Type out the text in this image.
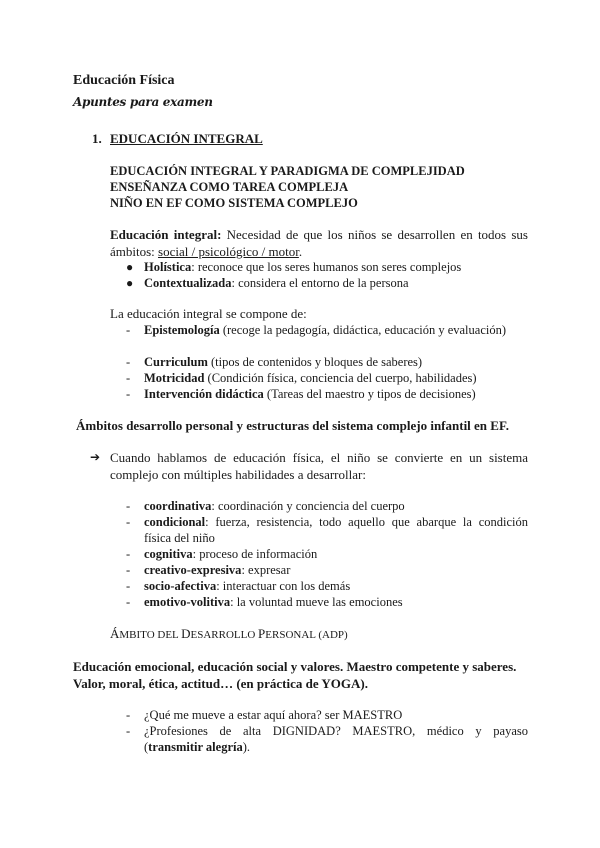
Educación Física
Apuntes para examen
1. EDUCACIÓN INTEGRAL
EDUCACIÓN INTEGRAL Y PARADIGMA DE COMPLEJIDAD
ENSEÑANZA COMO TAREA COMPLEJA
NIÑO EN EF COMO SISTEMA COMPLEJO
Educación integral: Necesidad de que los niños se desarrollen en todos sus ámbitos: social / psicológico / motor.
● Holística: reconoce que los seres humanos son seres complejos
● Contextualizada: considera el entorno de la persona
La educación integral se compone de:
- Epistemología (recoge la pedagogía, didáctica, educación y evaluación)
- Curriculum (tipos de contenidos y bloques de saberes)
- Motricidad (Condición física, conciencia del cuerpo, habilidades)
- Intervención didáctica (Tareas del maestro y tipos de decisiones)
Ámbitos desarrollo personal y estructuras del sistema complejo infantil en EF.
➔ Cuando hablamos de educación física, el niño se convierte en un sistema complejo con múltiples habilidades a desarrollar:
- coordinativa: coordinación y conciencia del cuerpo
- condicional: fuerza, resistencia, todo aquello que abarque la condición física del niño
- cognitiva: proceso de información
- creativo-expresiva: expresar
- socio-afectiva: interactuar con los demás
- emotivo-volitiva: la voluntad mueve las emociones
ÁMBITO DEL DESARROLLO PERSONAL (ADP)
Educación emocional, educación social y valores. Maestro competente y saberes. Valor, moral, ética, actitud… (en práctica de YOGA).
- ¿Qué me mueve a estar aquí ahora? ser MAESTRO
- ¿Profesiones de alta DIGNIDAD? MAESTRO, médico y payaso (transmitir alegría).
